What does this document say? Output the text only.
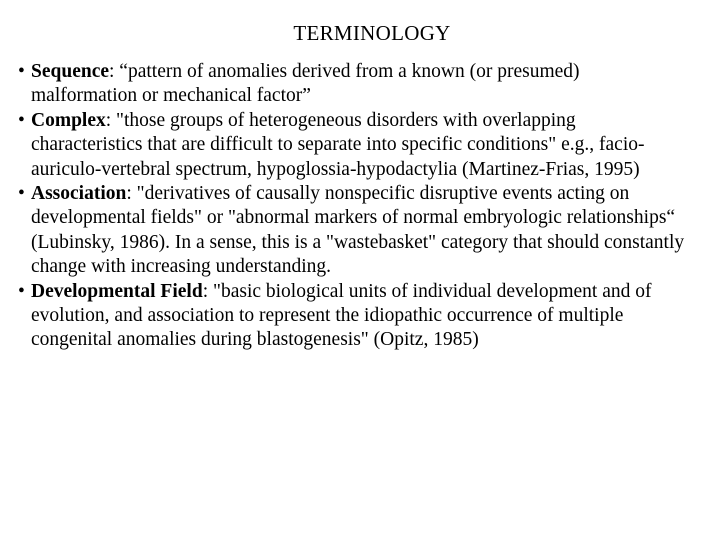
TERMINOLOGY
• Sequence: “pattern of anomalies derived from a known (or presumed) malformation or mechanical factor”
• Complex: "those groups of heterogeneous disorders with overlapping characteristics that are difficult to separate into specific conditions" e.g., facio-auriculo-vertebral spectrum, hypoglossia-hypodactylia (Martinez-Frias, 1995)
• Association: "derivatives of causally nonspecific disruptive events acting on developmental fields" or "abnormal markers of normal embryologic relationships“ (Lubinsky, 1986). In a sense, this is a "wastebasket" category that should constantly change with increasing understanding.
• Developmental Field: "basic biological units of individual development and of evolution, and association to represent the idiopathic occurrence of multiple congenital anomalies during blastogenesis" (Opitz, 1985)
